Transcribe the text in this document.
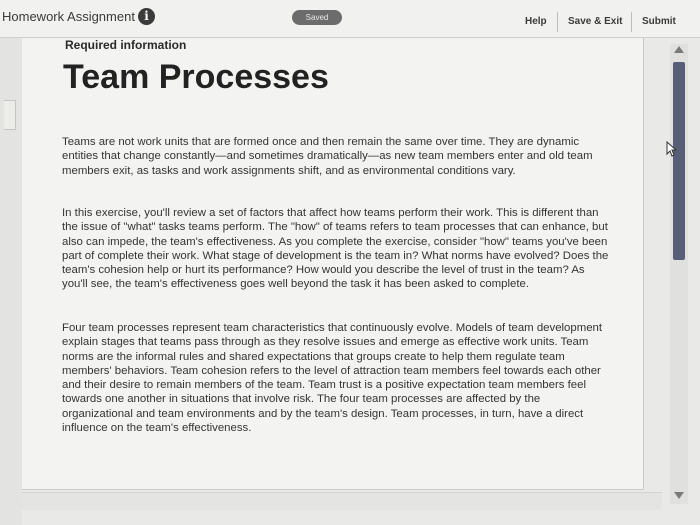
Homework Assignment i	Saved	Help Save & Exit Submit
Required information
Team Processes

Teams are not work units that are formed once and then remain the same over time. They are dynamic entities that change constantly—and sometimes dramatically—as new team members enter and old team members exit, as tasks and work assignments shift, and as environmental conditions vary.

In this exercise, you'll review a set of factors that affect how teams perform their work. This is different than the issue of "what" tasks teams perform. The "how" of teams refers to team processes that can enhance, but also can impede, the team's effectiveness. As you complete the exercise, consider "how" teams you've been part of complete their work. What stage of development is the team in? What norms have evolved? Does the team's cohesion help or hurt its performance? How would you describe the level of trust in the team? As you'll see, the team's effectiveness goes well beyond the task it has been asked to complete.

Four team processes represent team characteristics that continuously evolve. Models of team development explain stages that teams pass through as they resolve issues and emerge as effective work units. Team norms are the informal rules and shared expectations that groups create to help them regulate team members' behaviors. Team cohesion refers to the level of attraction team members feel towards each other and their desire to remain members of the team. Team trust is a positive expectation team members feel towards one another in situations that involve risk. The four team processes are affected by the organizational and team environments and by the team's design. Team processes, in turn, have a direct influence on the team's effectiveness.
